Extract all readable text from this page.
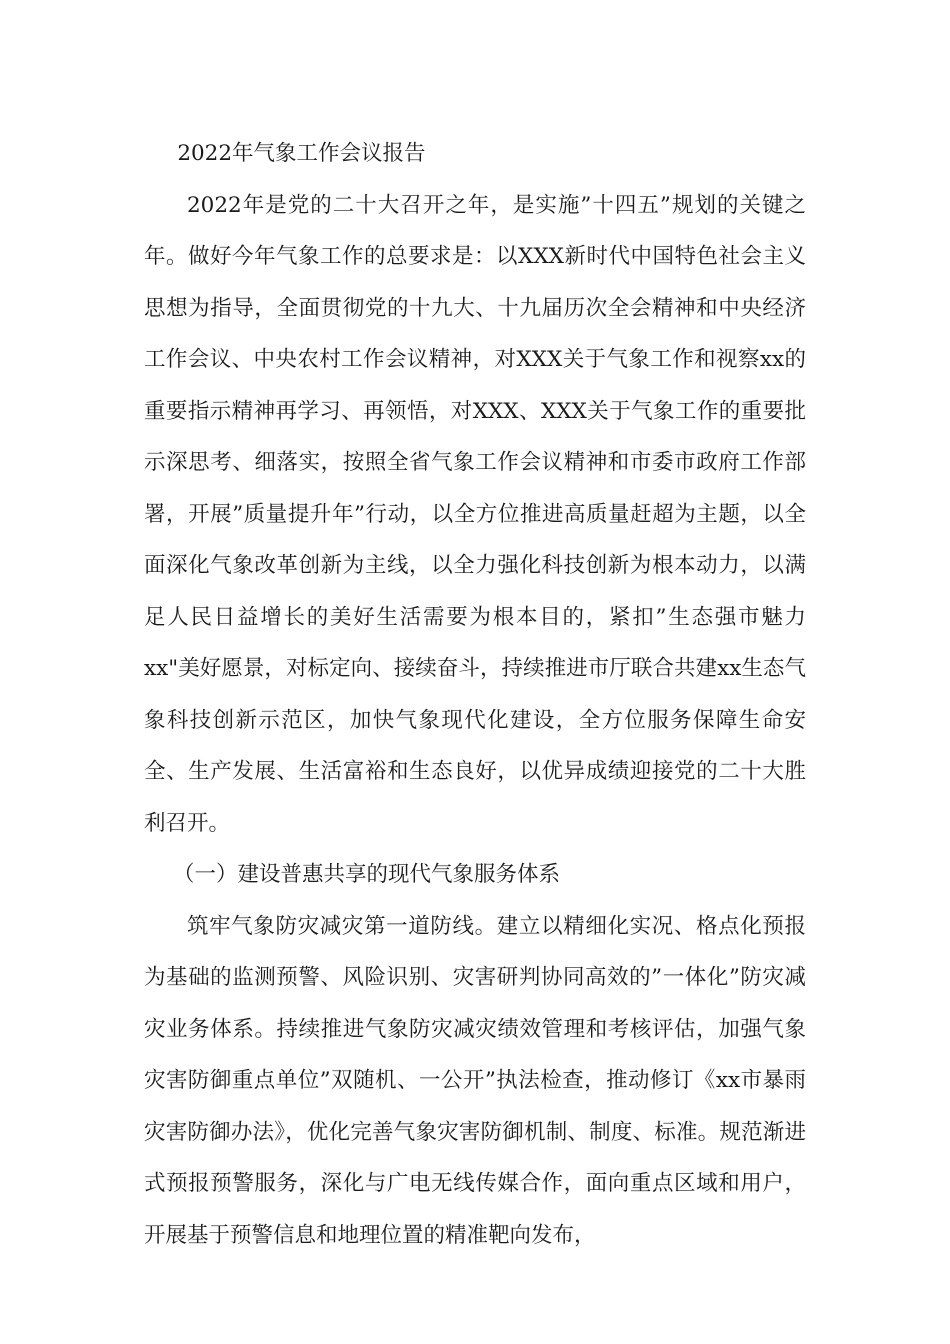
2022年气象工作会议报告

2022年是党的二十大召开之年，是实施”十四五”规划的关键之年。做好今年气象工作的总要求是：以XXX新时代中国特色社会主义思想为指导，全面贯彻党的十九大、十九届历次全会精神和中央经济工作会议、中央农村工作会议精神，对XXX关于气象工作和视察xx的重要指示精神再学习、再领悟，对XXX、XXX关于气象工作的重要批示深思考、细落实，按照全省气象工作会议精神和市委市政府工作部署，开展”质量提升年”行动，以全方位推进高质量赶超为主题，以全面深化气象改革创新为主线，以全力强化科技创新为根本动力，以满足人民日益增长的美好生活需要为根本目的，紧扣”生态强市魅力xx"美好愿景，对标定向、接续奋斗，持续推进市厅联合共建xx生态气象科技创新示范区，加快气象现代化建设，全方位服务保障生命安全、生产发展、生活富裕和生态良好，以优异成绩迎接党的二十大胜利召开。

（一）建设普惠共享的现代气象服务体系

筑牢气象防灾减灾第一道防线。建立以精细化实况、格点化预报为基础的监测预警、风险识别、灾害研判协同高效的”一体化”防灾减灾业务体系。持续推进气象防灾减灾绩效管理和考核评估，加强气象灾害防御重点单位”双随机、一公开”执法检查，推动修订《xx市暴雨灾害防御办法》，优化完善气象灾害防御机制、制度、标准。规范渐进式预报预警服务，深化与广电无线传媒合作，面向重点区域和用户，开展基于预警信息和地理位置的精准靶向发布，
